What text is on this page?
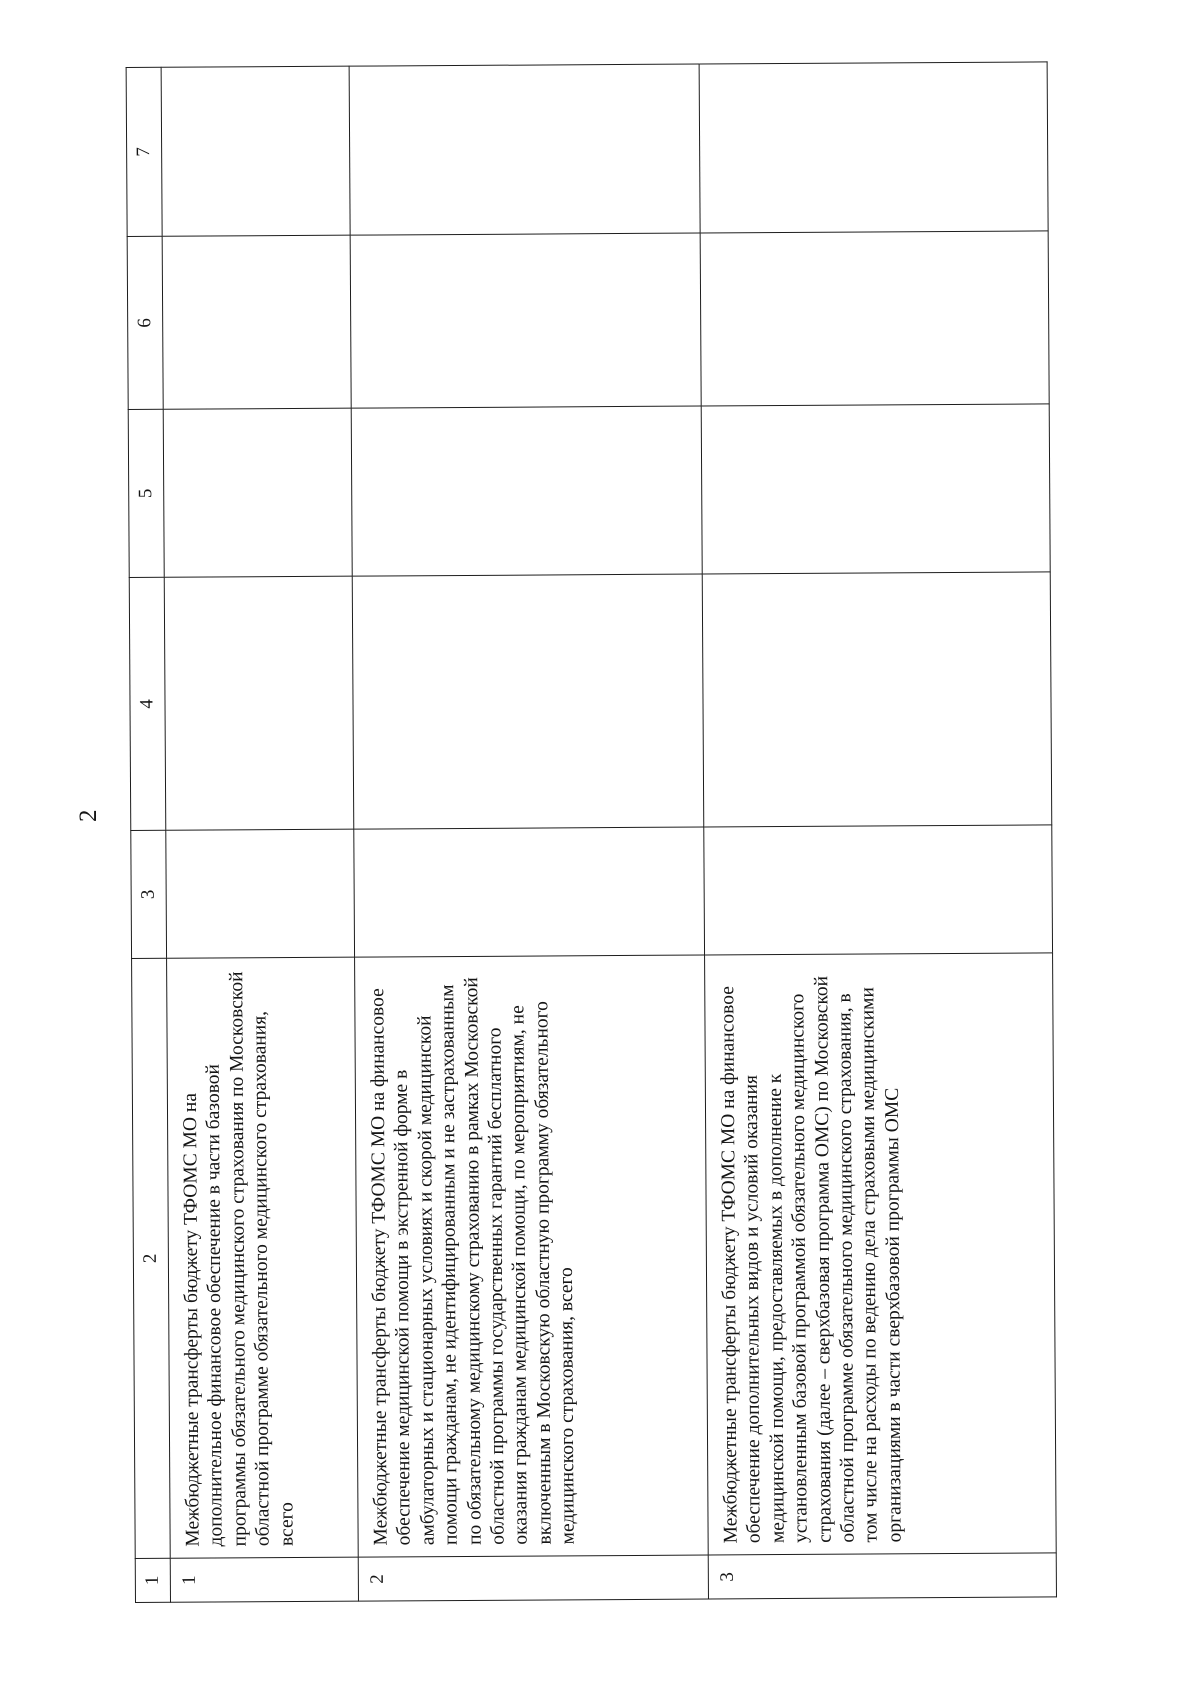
2
1	2	3	4	5	6	7
1	Межбюджетные трансферты бюджету ТФОМС МО на дополнительное финансовое обеспечение в части базовой программы обязательного медицинского страхования по Московской областной программе обязательного медицинского страхования, всего					
2	Межбюджетные трансферты бюджету ТФОМС МО на финансовое обеспечение медицинской помощи в экстренной форме в амбулаторных и стационарных условиях и скорой медицинской помощи гражданам, не идентифицированным и не застрахованным по обязательному медицинскому страхованию в рамках Московской областной программы государственных гарантий бесплатного оказания гражданам медицинской помощи, по мероприятиям, не включенным в Московскую областную программу обязательного медицинского страхования, всего					
3	Межбюджетные трансферты бюджету ТФОМС МО на финансовое обеспечение дополнительных видов и условий оказания медицинской помощи, предоставляемых в дополнение к установленным базовой программой обязательного медицинского страхования (далее – сверхбазовая программа ОМС) по Московской областной программе обязательного медицинского страхования, в том числе на расходы по ведению дела страховыми медицинскими организациями в части сверхбазовой программы ОМС					
